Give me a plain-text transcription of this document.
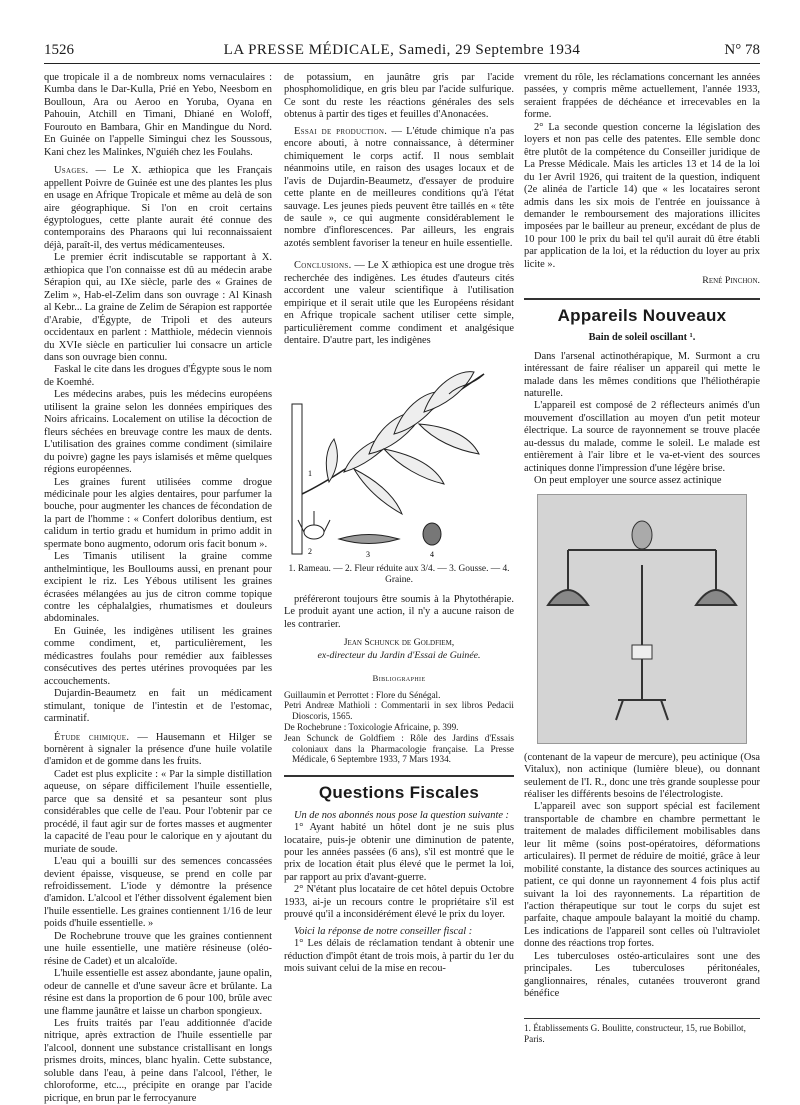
1526	LA PRESSE MÉDICALE, Samedi, 29 Septembre 1934	N° 78

que tropicale il a de nombreux noms vernaculaires : Kumba dans le Dar-Kulla, Prié en Yebo, Neesbom en Boulloun, Ara ou Aeroo en Yoruba, Oyana en Pahouin, Atchill en Timani, Dhiané en Woloff, Fourouto en Bambara, Ghir en Mandingue du Nord. En Guinée on l'appelle Simingui chez les Soussous, Kani chez les Malinkes, N'guiéh chez les Foulahs.

Usages. — Le X. æthiopica que les Français appellent Poivre de Guinée est une des plantes les plus en usage en Afrique Tropicale et même au delà de son aire géographique. Si l'on en croit certains égyptologues, cette plante aurait été connue des contemporains des Pharaons qui lui reconnaissaient déjà, paraît-il, des vertus médicamenteuses.

Le premier écrit indiscutable se rapportant à X. æthiopica que l'on connaisse est dû au médecin arabe Sérapion qui, au IXe siècle, parle des « Graines de Zelim », Hab-el-Zelim dans son ouvrage : Al Kinash al Kebr... La graine de Zelim de Sérapion est rapportée d'Arabie, d'Égypte, de Tripoli et des auteurs occidentaux en parlent : Matthiole, médecin viennois du XVIe siècle en particulier lui consacre un article dans son ouvrage bien connu.

Faskal le cite dans les drogues d'Égypte sous le nom de Koemhé.

Les médecins arabes, puis les médecins européens utilisent la graine selon les données empiriques des Noirs africains. Localement on utilise la décoction de fleurs séchées en breuvage contre les maux de dents. L'utilisation des graines comme condiment (similaire du poivre) gagne les pays islamisés et même quelques régions européennes.

Les graines furent utilisées comme drogue médicinale pour les algies dentaires, pour parfumer la bouche, pour augmenter les chances de fécondation de la part de l'homme : « Confert doloribus dentium, est calidum in tertio gradu et humidum in primo addit in spermate bono augmento, odorum oris facit bonum ».

Les Timanis utilisent la graine comme anthelmintique, les Boulloums aussi, en prenant pour excipient le riz. Les Yébous utilisent les graines écrasées mélangées au jus de citron comme topique contre les céphalalgies, rhumatismes et douleurs abdominales.

En Guinée, les indigènes utilisent les graines comme condiment, et, particulièrement, les médicastres foulahs pour remédier aux faiblesses consécutives des pertes utérines provoquées par les accouchements.

Dujardin-Beaumetz en fait un médicament stimulant, tonique de l'intestin et de l'estomac, carminatif.

Étude chimique. — Hausemann et Hilger se bornèrent à signaler la présence d'une huile volatile d'amidon et de gomme dans les fruits.

Cadet est plus explicite : « Par la simple distillation aqueuse, on sépare difficilement l'huile essentielle, parce que sa densité et sa pesanteur sont plus considérables que celle de l'eau. Pour l'obtenir par ce procédé, il faut agir sur de fortes masses et augmenter la capacité de l'eau pour le calorique en y ajoutant du muriate de soude.

L'eau qui a bouilli sur des semences concassées devient épaisse, visqueuse, se prend en colle par refroidissement. L'iode y démontre la présence d'amidon. L'alcool et l'éther dissolvent également bien l'huile essentielle. Les graines contiennent 1/16 de leur poids d'huile essentielle. »

De Rochebrune trouve que les graines contiennent une huile essentielle, une matière résineuse (oléo-résine de Cadet) et un alcaloïde.

L'huile essentielle est assez abondante, jaune opalin, odeur de cannelle et d'une saveur âcre et brûlante. La résine est dans la proportion de 6 pour 100, brûle avec une flamme jaunâtre et laisse un charbon spongieux.

Les fruits traités par l'eau additionnée d'acide nitrique, après extraction de l'huile essentielle par l'alcool, donnent une substance cristallisant en longs prismes droits, minces, blanc hyalin. Cette substance, soluble dans l'eau, à peine dans l'alcool, l'éther, le chloroforme, etc..., précipite en orange par l'acide picrique, en brun par le ferrocyanure

de potassium, en jaunâtre gris par l'acide phosphomolidique, en gris bleu par l'acide sulfurique. Ce sont du reste les réactions générales des sels obtenus à partir des tiges et feuilles d'Anonacées.

Essai de production. — L'étude chimique n'a pas encore abouti, à notre connaissance, à déterminer chimiquement le corps actif. Il nous semblait néanmoins utile, en raison des usages locaux et de l'avis de Dujardin-Beaumetz, d'essayer de produire cette plante en de meilleures conditions qu'à l'état sauvage. Les jeunes pieds peuvent être taillés en « tête de saule », ce qui augmente considérablement le nombre d'inflorescences. Par ailleurs, les engrais azotés semblent favoriser la teneur en huile essentielle.

Conclusions. — Le X æthiopica est une drogue très recherchée des indigènes. Les études d'auteurs cités accordent une valeur scientifique à l'utilisation empirique et il serait utile que les Européens résidant en Afrique tropicale sachent utiliser cette simple, particulièrement comme condiment et analgésique dentaire. D'autre part, les indigènes

1
2	3	4
1. Rameau. — 2. Fleur réduite aux 3/4. — 3. Gousse. — 4. Graine.

préféreront toujours être soumis à la Phytothérapie. Le produit ayant une action, il n'y a aucune raison de les contrarier.

Jean Schunck de Goldfiem,
ex-directeur du Jardin d'Essai de Guinée.
Bibliographie

Guillaumin et Perrottet : Flore du Sénégal.

Petri Andreæ Mathioli : Commentarii in sex libros Pedacii Dioscoris, 1565.

De Rochebrune : Toxicologie Africaine, p. 399.

Jean Schunck de Goldfiem : Rôle des Jardins d'Essais coloniaux dans la Pharmacologie française. La Presse Médicale, 6 Septembre 1933, 7 Mars 1934.

Questions Fiscales

Un de nos abonnés nous pose la question suivante :

1° Ayant habité un hôtel dont je ne suis plus locataire, puis-je obtenir une diminution de patente, pour les années passées (6 ans), s'il est montré que le prix de location était plus élevé que le permet la loi, par rapport au prix d'avant-guerre.

2° N'étant plus locataire de cet hôtel depuis Octobre 1933, ai-je un recours contre le propriétaire s'il est prouvé qu'il a inconsidérément élevé le prix du loyer.

Voici la réponse de notre conseiller fiscal :

1° Les délais de réclamation tendant à obtenir une réduction d'impôt étant de trois mois, à partir du 1er du mois suivant celui de la mise en recou-

vrement du rôle, les réclamations concernant les années passées, y compris même actuellement, l'année 1933, seraient frappées de déchéance et irrecevables en la forme.

2° La seconde question concerne la législation des loyers et non pas celle des patentes. Elle semble donc être plutôt de la compétence du Conseiller juridique de La Presse Médicale. Mais les articles 13 et 14 de la loi du 1er Avril 1926, qui traitent de la question, indiquent (2e alinéa de l'article 14) que « les locataires seront admis dans les six mois de l'entrée en jouissance à demander le remboursement des majorations illicites imposées par le bailleur au preneur, excédant de plus de 10 pour 100 le prix du bail tel qu'il aurait dû être établi par application de la loi, et la réduction du loyer au prix licite ».

René Pinchon.
Appareils Nouveaux
Bain de soleil oscillant ¹.

Dans l'arsenal actinothérapique, M. Surmont a cru intéressant de faire réaliser un appareil qui mette le malade dans les mêmes conditions que l'héliothérapie naturelle.

L'appareil est composé de 2 réflecteurs animés d'un mouvement d'oscillation au moyen d'un petit moteur électrique. La source de rayonnement se trouve placée au-dessus du malade, comme le soleil. Le malade est entièrement à l'air libre et le va-et-vient des sources actiniques donne l'impression d'une légère brise.

On peut employer une source assez actinique

(contenant de la vapeur de mercure), peu actinique (Osa Vitalux), non actinique (lumière bleue), ou donnant seulement de l'I. R., donc une très grande souplesse pour réaliser les différents besoins de l'électrologiste.

L'appareil avec son support spécial est facilement transportable de chambre en chambre permettant le traitement de malades difficilement mobilisables dans leur lit même (soins post-opératoires, déformations articulaires). Il permet de réduire de moitié, grâce à leur mobilité constante, la distance des sources actiniques au patient, ce qui donne un rayonnement 4 fois plus actif suivant la loi des rayonnements. La répartition de l'action thérapeutique sur tout le corps du sujet est parfaite, chaque ampoule balayant la moitié du champ. Les indications de l'appareil sont celles où l'ultraviolet donne des réactions trop fortes.

Les tuberculoses ostéo-articulaires sont une des principales. Les tuberculoses péritonéales, ganglionnaires, rénales, cutanées trouveront grand bénéfice

1. Établissements G. Boulitte, constructeur, 15, rue Bobillot, Paris.
